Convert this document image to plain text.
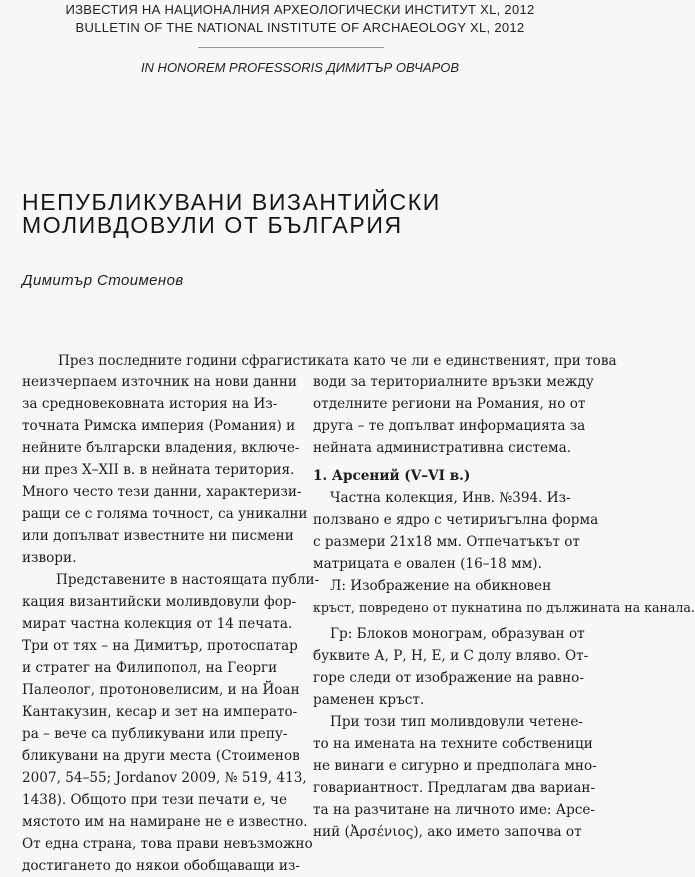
ИЗВЕСТИЯ НА НАЦИОНАЛНИЯ АРХЕОЛОГИЧЕСКИ ИНСТИТУТ XL, 2012
BULLETIN OF THE NATIONAL INSTITUTE OF ARCHAEOLOGY XL, 2012
IN HONOREM PROFESSORIS ДИМИТЪР ОВЧАРОВ
НЕПУБЛИКУВАНИ ВИЗАНТИЙСКИ
МОЛИВДОВУЛИ ОТ БЪЛГАРИЯ
Димитър Стоименов
През последните години сфрагистиката като че ли е единственият, при това
неизчерпаем източник на нови данни
за средновековната история на Из-
точната Римска империя (Романия) и
нейните български владения, включе-
ни през X–XII в. в нейната територия.
Много често тези данни, характеризи-
ращи се с голяма точност, са уникални
или допълват известните ни писмени
извори.
Представените в настоящата публи-
кация византийски моливдовули фор-
мират частна колекция от 14 печата.
Три от тях – на Димитър, протоспатар
и стратег на Филипопол, на Георги
Палеолог, протоновелисим, и на Йоан
Кантакузин, кесар и зет на императо-
ра – вече са публикувани или препу-
бликувани на други места (Стоименов
2007, 54–55; Jordanov 2009, № 519, 413,
1438). Общото при тези печати е, че
мястото им на намиране не е известно.
От една страна, това прави невъзможно
достигането до някои обобщаващи из-
води за териториалните връзки между
отделните региони на Романия, но от
друга – те допълват информацията за
нейната административна система.
1. Арсений (V–VI в.)
Частна колекция, Инв. №394. Из-
ползвано е ядро с четириъгълна форма
с размери 21x18 мм. Отпечатъкът от
матрицата е овален (16–18 мм).
Л: Изображение на обикновен
кръст, повредено от пукнатина по дължината на канала.
Гр: Блоков монограм, образуван от
буквите А, Р, Н, Е, и С долу вляво. От-
горе следи от изображение на равно-
раменен кръст.
При този тип моливдовули четене-
то на имената на техните собственици
не винаги е сигурно и предполага мно-
говариантност. Предлагам два вариан-
та на разчитане на личното име: Арсе-
ний (Ἀρσένιος), ако името започва от
